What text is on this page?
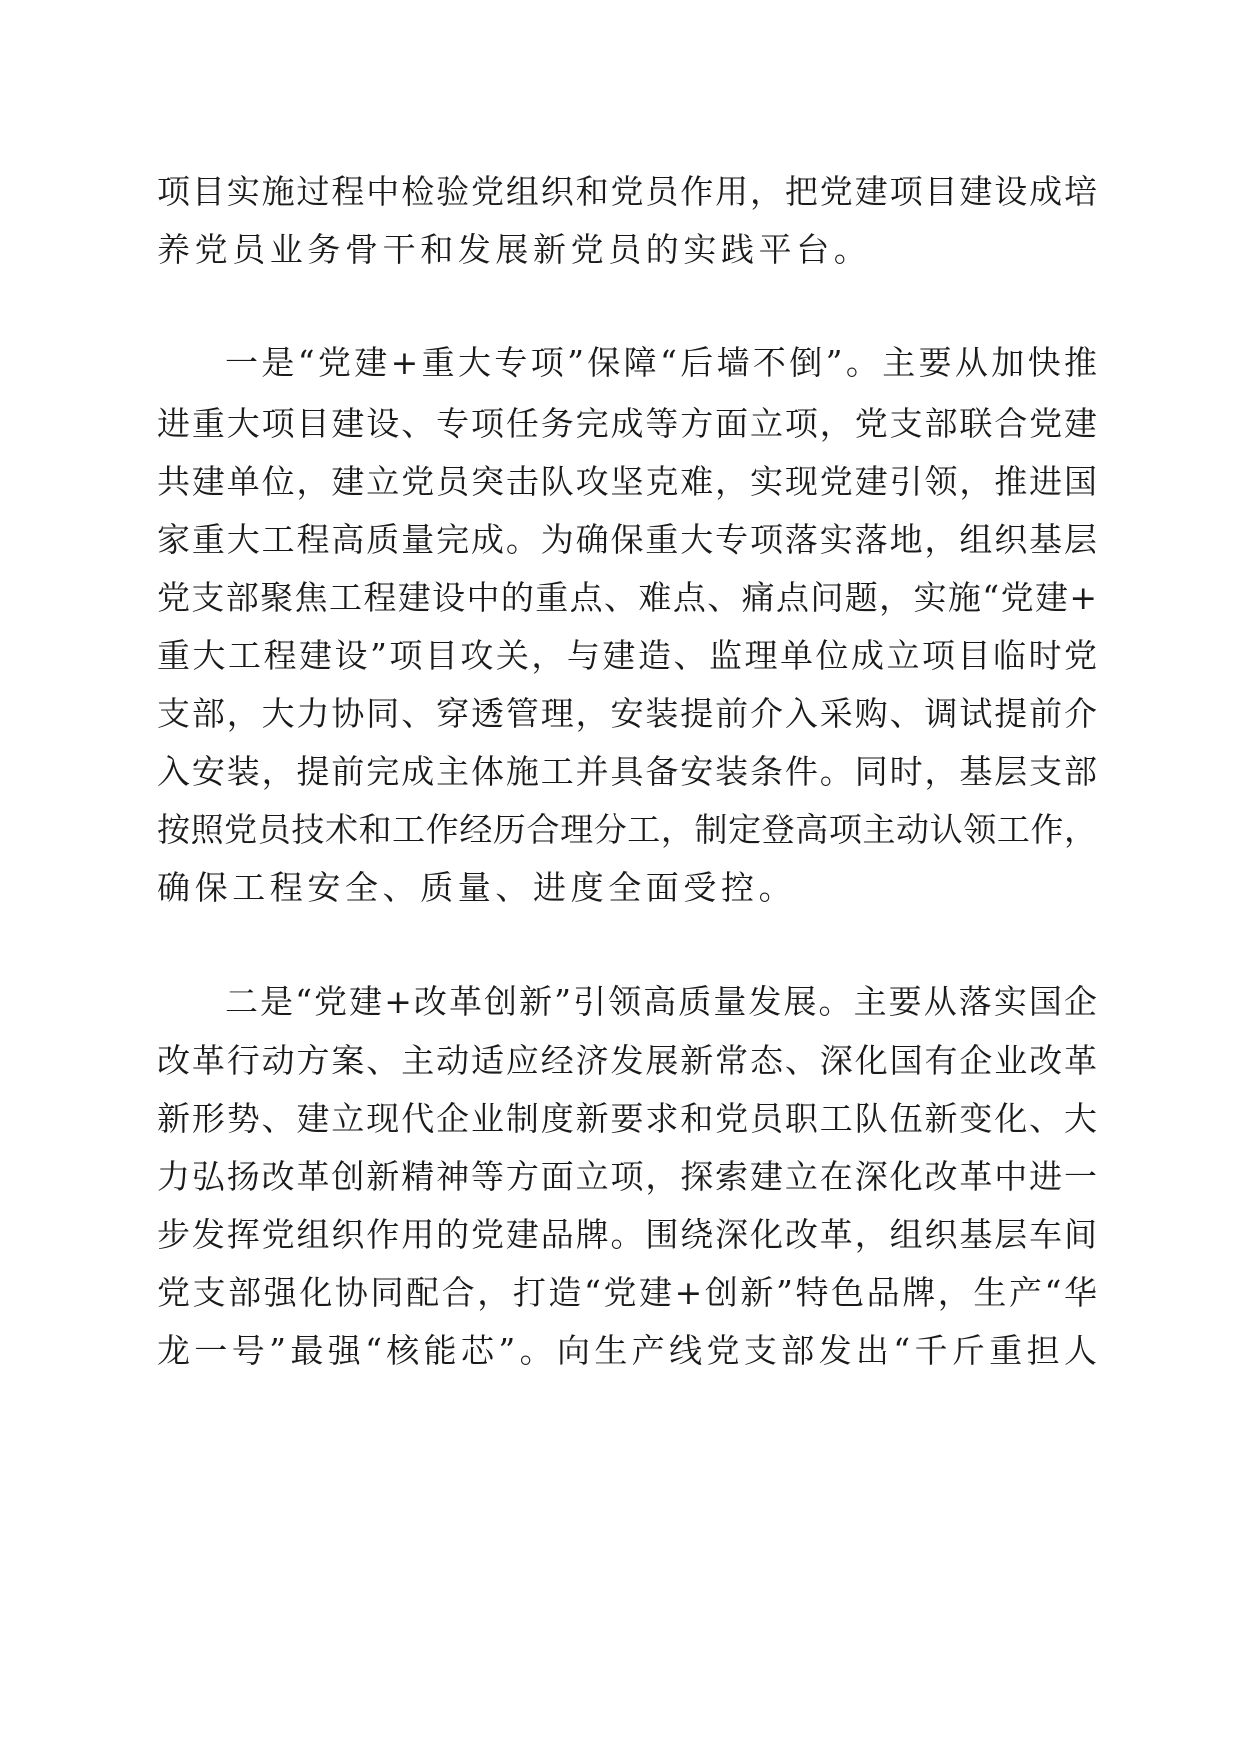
项目实施过程中检验党组织和党员作用，把党建项目建设成培
养党员业务骨干和发展新党员的实践平台。
一是“党建+重大专项”保障“后墙不倒”。主要从加快推
进重大项目建设、专项任务完成等方面立项，党支部联合党建
共建单位，建立党员突击队攻坚克难，实现党建引领，推进国
家重大工程高质量完成。为确保重大专项落实落地，组织基层
党支部聚焦工程建设中的重点、难点、痛点问题，实施“党建+
重大工程建设”项目攻关，与建造、监理单位成立项目临时党
支部，大力协同、穿透管理，安装提前介入采购、调试提前介
入安装，提前完成主体施工并具备安装条件。同时，基层支部
按照党员技术和工作经历合理分工，制定登高项主动认领工作，
确保工程安全、质量、进度全面受控。
二是“党建+改革创新”引领高质量发展。主要从落实国企
改革行动方案、主动适应经济发展新常态、深化国有企业改革
新形势、建立现代企业制度新要求和党员职工队伍新变化、大
力弘扬改革创新精神等方面立项，探索建立在深化改革中进一
步发挥党组织作用的党建品牌。围绕深化改革，组织基层车间
党支部强化协同配合，打造“党建+创新”特色品牌，生产“华
龙一号”最强“核能芯”。向生产线党支部发出“千斤重担人
